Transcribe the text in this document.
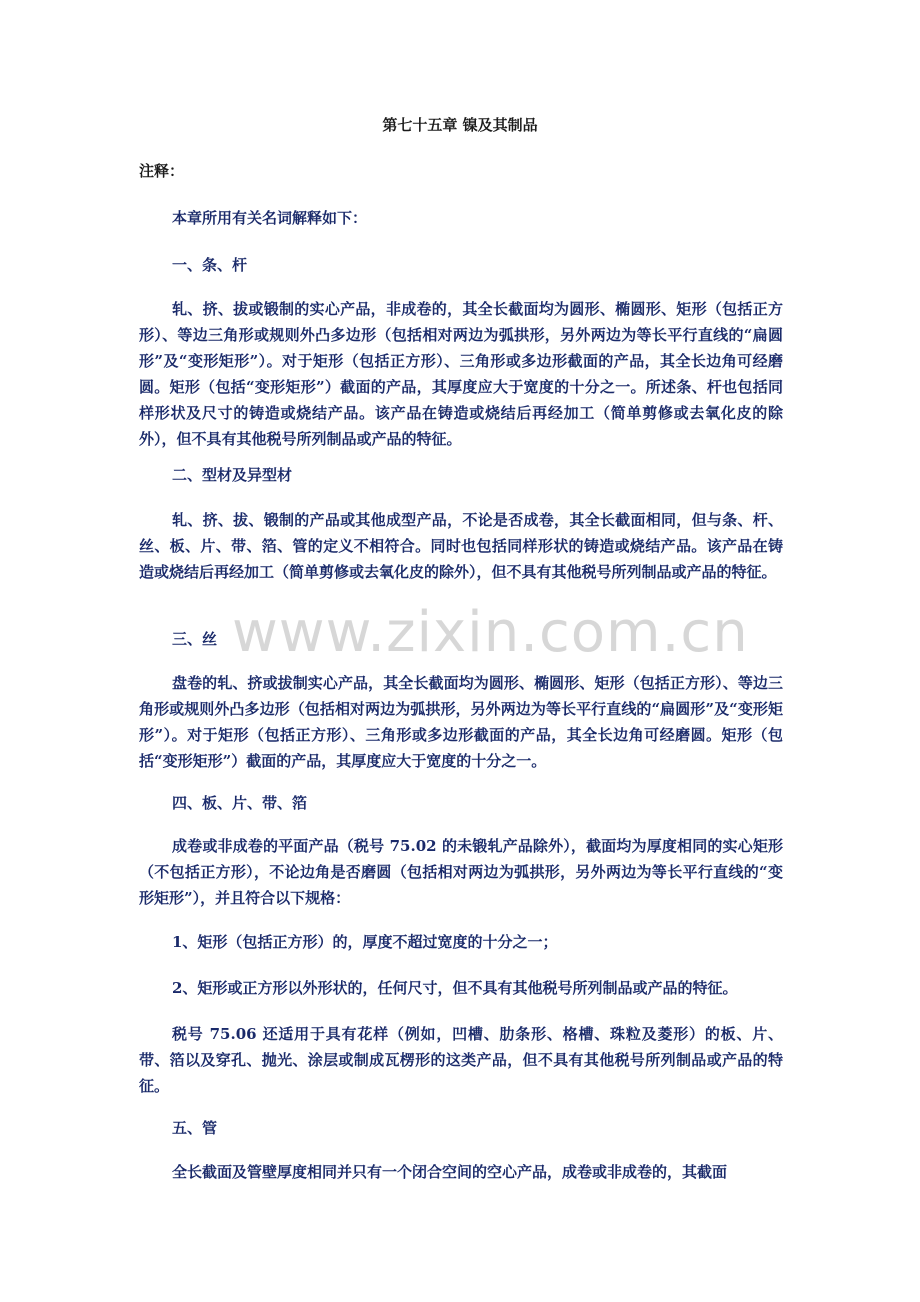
第七十五章 镍及其制品
注释：
本章所用有关名词解释如下：
一、条、杆
轧、挤、拔或锻制的实心产品，非成卷的，其全长截面均为圆形、椭圆形、矩形（包括正方形）、等边三角形或规则外凸多边形（包括相对两边为弧拱形，另外两边为等长平行直线的“扁圆形”及“变形矩形”）。对于矩形（包括正方形）、三角形或多边形截面的产品，其全长边角可经磨圆。矩形（包括“变形矩形”）截面的产品，其厚度应大于宽度的十分之一。所述条、杆也包括同样形状及尺寸的铸造或烧结产品。该产品在铸造或烧结后再经加工（简单剪修或去氧化皮的除外），但不具有其他税号所列制品或产品的特征。
二、型材及异型材
轧、挤、拔、锻制的产品或其他成型产品，不论是否成卷，其全长截面相同，但与条、杆、丝、板、片、带、箔、管的定义不相符合。同时也包括同样形状的铸造或烧结产品。该产品在铸造或烧结后再经加工（简单剪修或去氧化皮的除外），但不具有其他税号所列制品或产品的特征。
www.zixin.com.cn
三、丝
盘卷的轧、挤或拔制实心产品，其全长截面均为圆形、椭圆形、矩形（包括正方形）、等边三角形或规则外凸多边形（包括相对两边为弧拱形，另外两边为等长平行直线的“扁圆形”及“变形矩形”）。对于矩形（包括正方形）、三角形或多边形截面的产品，其全长边角可经磨圆。矩形（包括“变形矩形”）截面的产品，其厚度应大于宽度的十分之一。
四、板、片、带、箔
成卷或非成卷的平面产品（税号 75.02 的未锻轧产品除外），截面均为厚度相同的实心矩形（不包括正方形），不论边角是否磨圆（包括相对两边为弧拱形，另外两边为等长平行直线的“变形矩形”），并且符合以下规格：
1、矩形（包括正方形）的，厚度不超过宽度的十分之一；
2、矩形或正方形以外形状的，任何尺寸，但不具有其他税号所列制品或产品的特征。
税号 75.06 还适用于具有花样（例如，凹槽、肋条形、格槽、珠粒及菱形）的板、片、带、箔以及穿孔、抛光、涂层或制成瓦楞形的这类产品，但不具有其他税号所列制品或产品的特征。
五、管
全长截面及管壁厚度相同并只有一个闭合空间的空心产品，成卷或非成卷的，其截面
